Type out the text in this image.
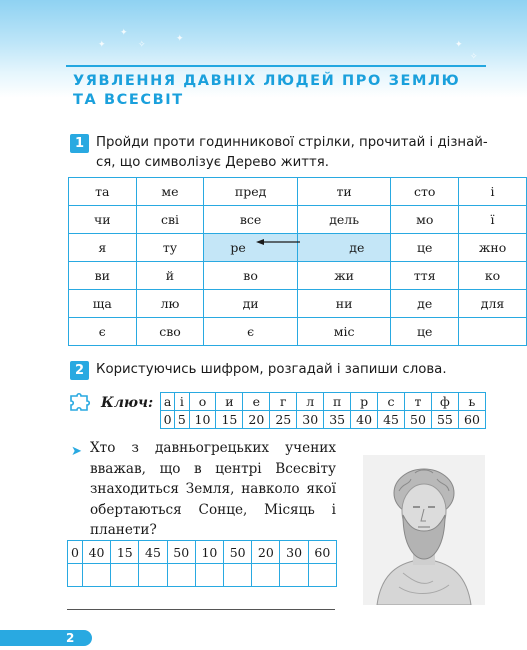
✦
✦
✧
✦
✦
✧
УЯВЛЕННЯ ДАВНІХ ЛЮДЕЙ ПРО ЗЕМЛЮ
ТА ВСЕСВІТ
1 Пройди проти годинникової стрілки, прочитай і дізнай-
ся, що символізує Дерево життя.
та	ме	пред	ти	сто	і
чи	сві	все	дель	мо	ї
я	ту	ре	де	це	жно
ви	й	во	жи	ття	ко
ща	лю	ди	ни	де	для
є	сво	є	міс	це	
2 Користуючись шифром, розгадай і запиши слова.
Ключ: а	і	о	и	е	г	л	п	р	с	т	ф	ь
0	5	10	15	20	25	30	35	40	45	50	55	60
➤ Хто з давньогрецьких учених вважав, що в центрі Всесвіту знаходиться Земля, навколо якої обертаються Сонце, Місяць і планети?
0	40	15	45	50	10	50	20	30	60

2
